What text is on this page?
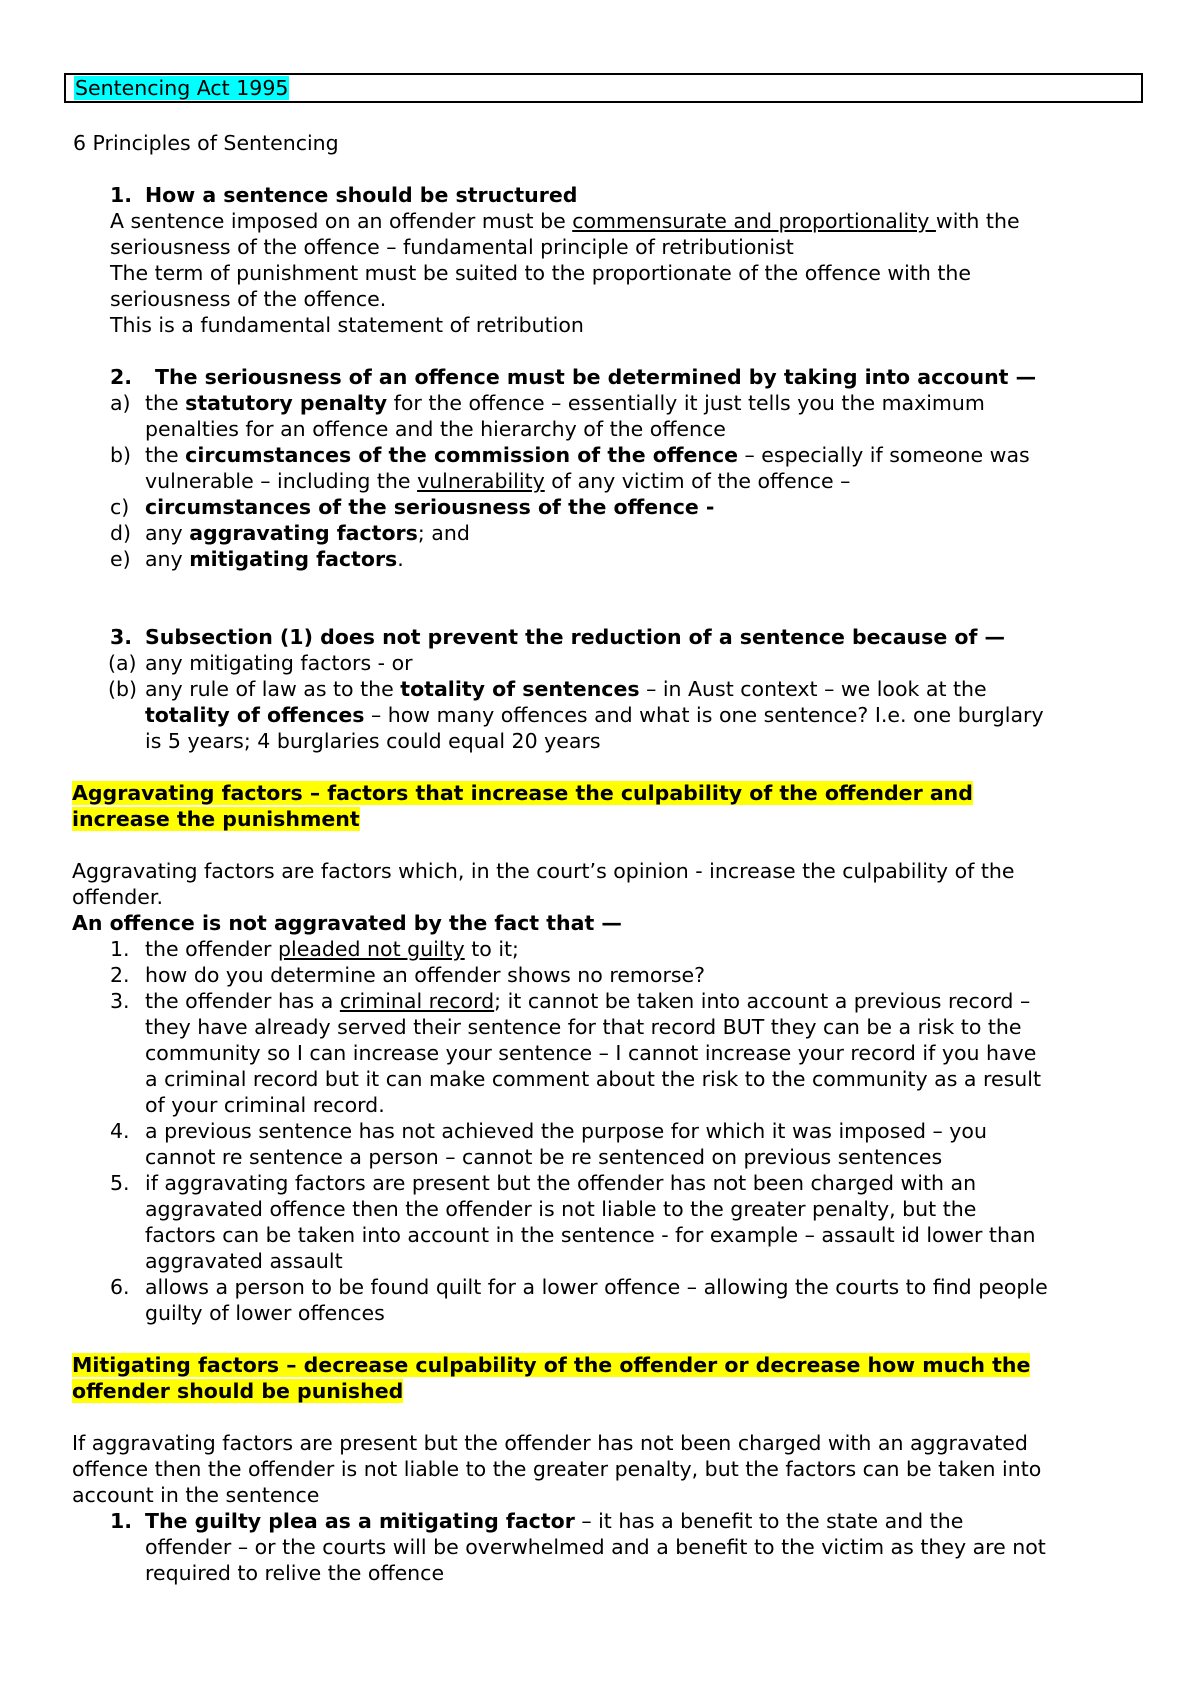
Sentencing Act 1995

6 Principles of Sentencing

1. How a sentence should be structured
A sentence imposed on an offender must be commensurate and proportionality with the
seriousness of the offence – fundamental principle of retributionist
The term of punishment must be suited to the proportionate of the offence with the
seriousness of the offence.
This is a fundamental statement of retribution
2. The seriousness of an offence must be determined by taking into account —
a) the statutory penalty for the offence – essentially it just tells you the maximum
penalties for an offence and the hierarchy of the offence
b) the circumstances of the commission of the offence – especially if someone was
vulnerable – including the vulnerability of any victim of the offence –
c) circumstances of the seriousness of the offence -
d) any aggravating factors; and
e) any mitigating factors.
3. Subsection (1) does not prevent the reduction of a sentence because of —
(a) any mitigating factors - or
(b) any rule of law as to the totality of sentences – in Aust context – we look at the
totality of offences – how many offences and what is one sentence? I.e. one burglary
is 5 years; 4 burglaries could equal 20 years
Aggravating factors – factors that increase the culpability of the offender and
increase the punishment
Aggravating factors are factors which, in the court’s opinion - increase the culpability of the
offender.
An offence is not aggravated by the fact that —
1. the offender pleaded not guilty to it;
2. how do you determine an offender shows no remorse?
3. the offender has a criminal record; it cannot be taken into account a previous record –
they have already served their sentence for that record BUT they can be a risk to the
community so I can increase your sentence – I cannot increase your record if you have
a criminal record but it can make comment about the risk to the community as a result
of your criminal record.
4. a previous sentence has not achieved the purpose for which it was imposed – you
cannot re sentence a person – cannot be re sentenced on previous sentences
5. if aggravating factors are present but the offender has not been charged with an
aggravated offence then the offender is not liable to the greater penalty, but the
factors can be taken into account in the sentence - for example – assault id lower than
aggravated assault
6. allows a person to be found quilt for a lower offence – allowing the courts to find people
guilty of lower offences
Mitigating factors – decrease culpability of the offender or decrease how much the
offender should be punished
If aggravating factors are present but the offender has not been charged with an aggravated
offence then the offender is not liable to the greater penalty, but the factors can be taken into
account in the sentence
1. The guilty plea as a mitigating factor – it has a benefit to the state and the
offender – or the courts will be overwhelmed and a benefit to the victim as they are not
required to relive the offence
